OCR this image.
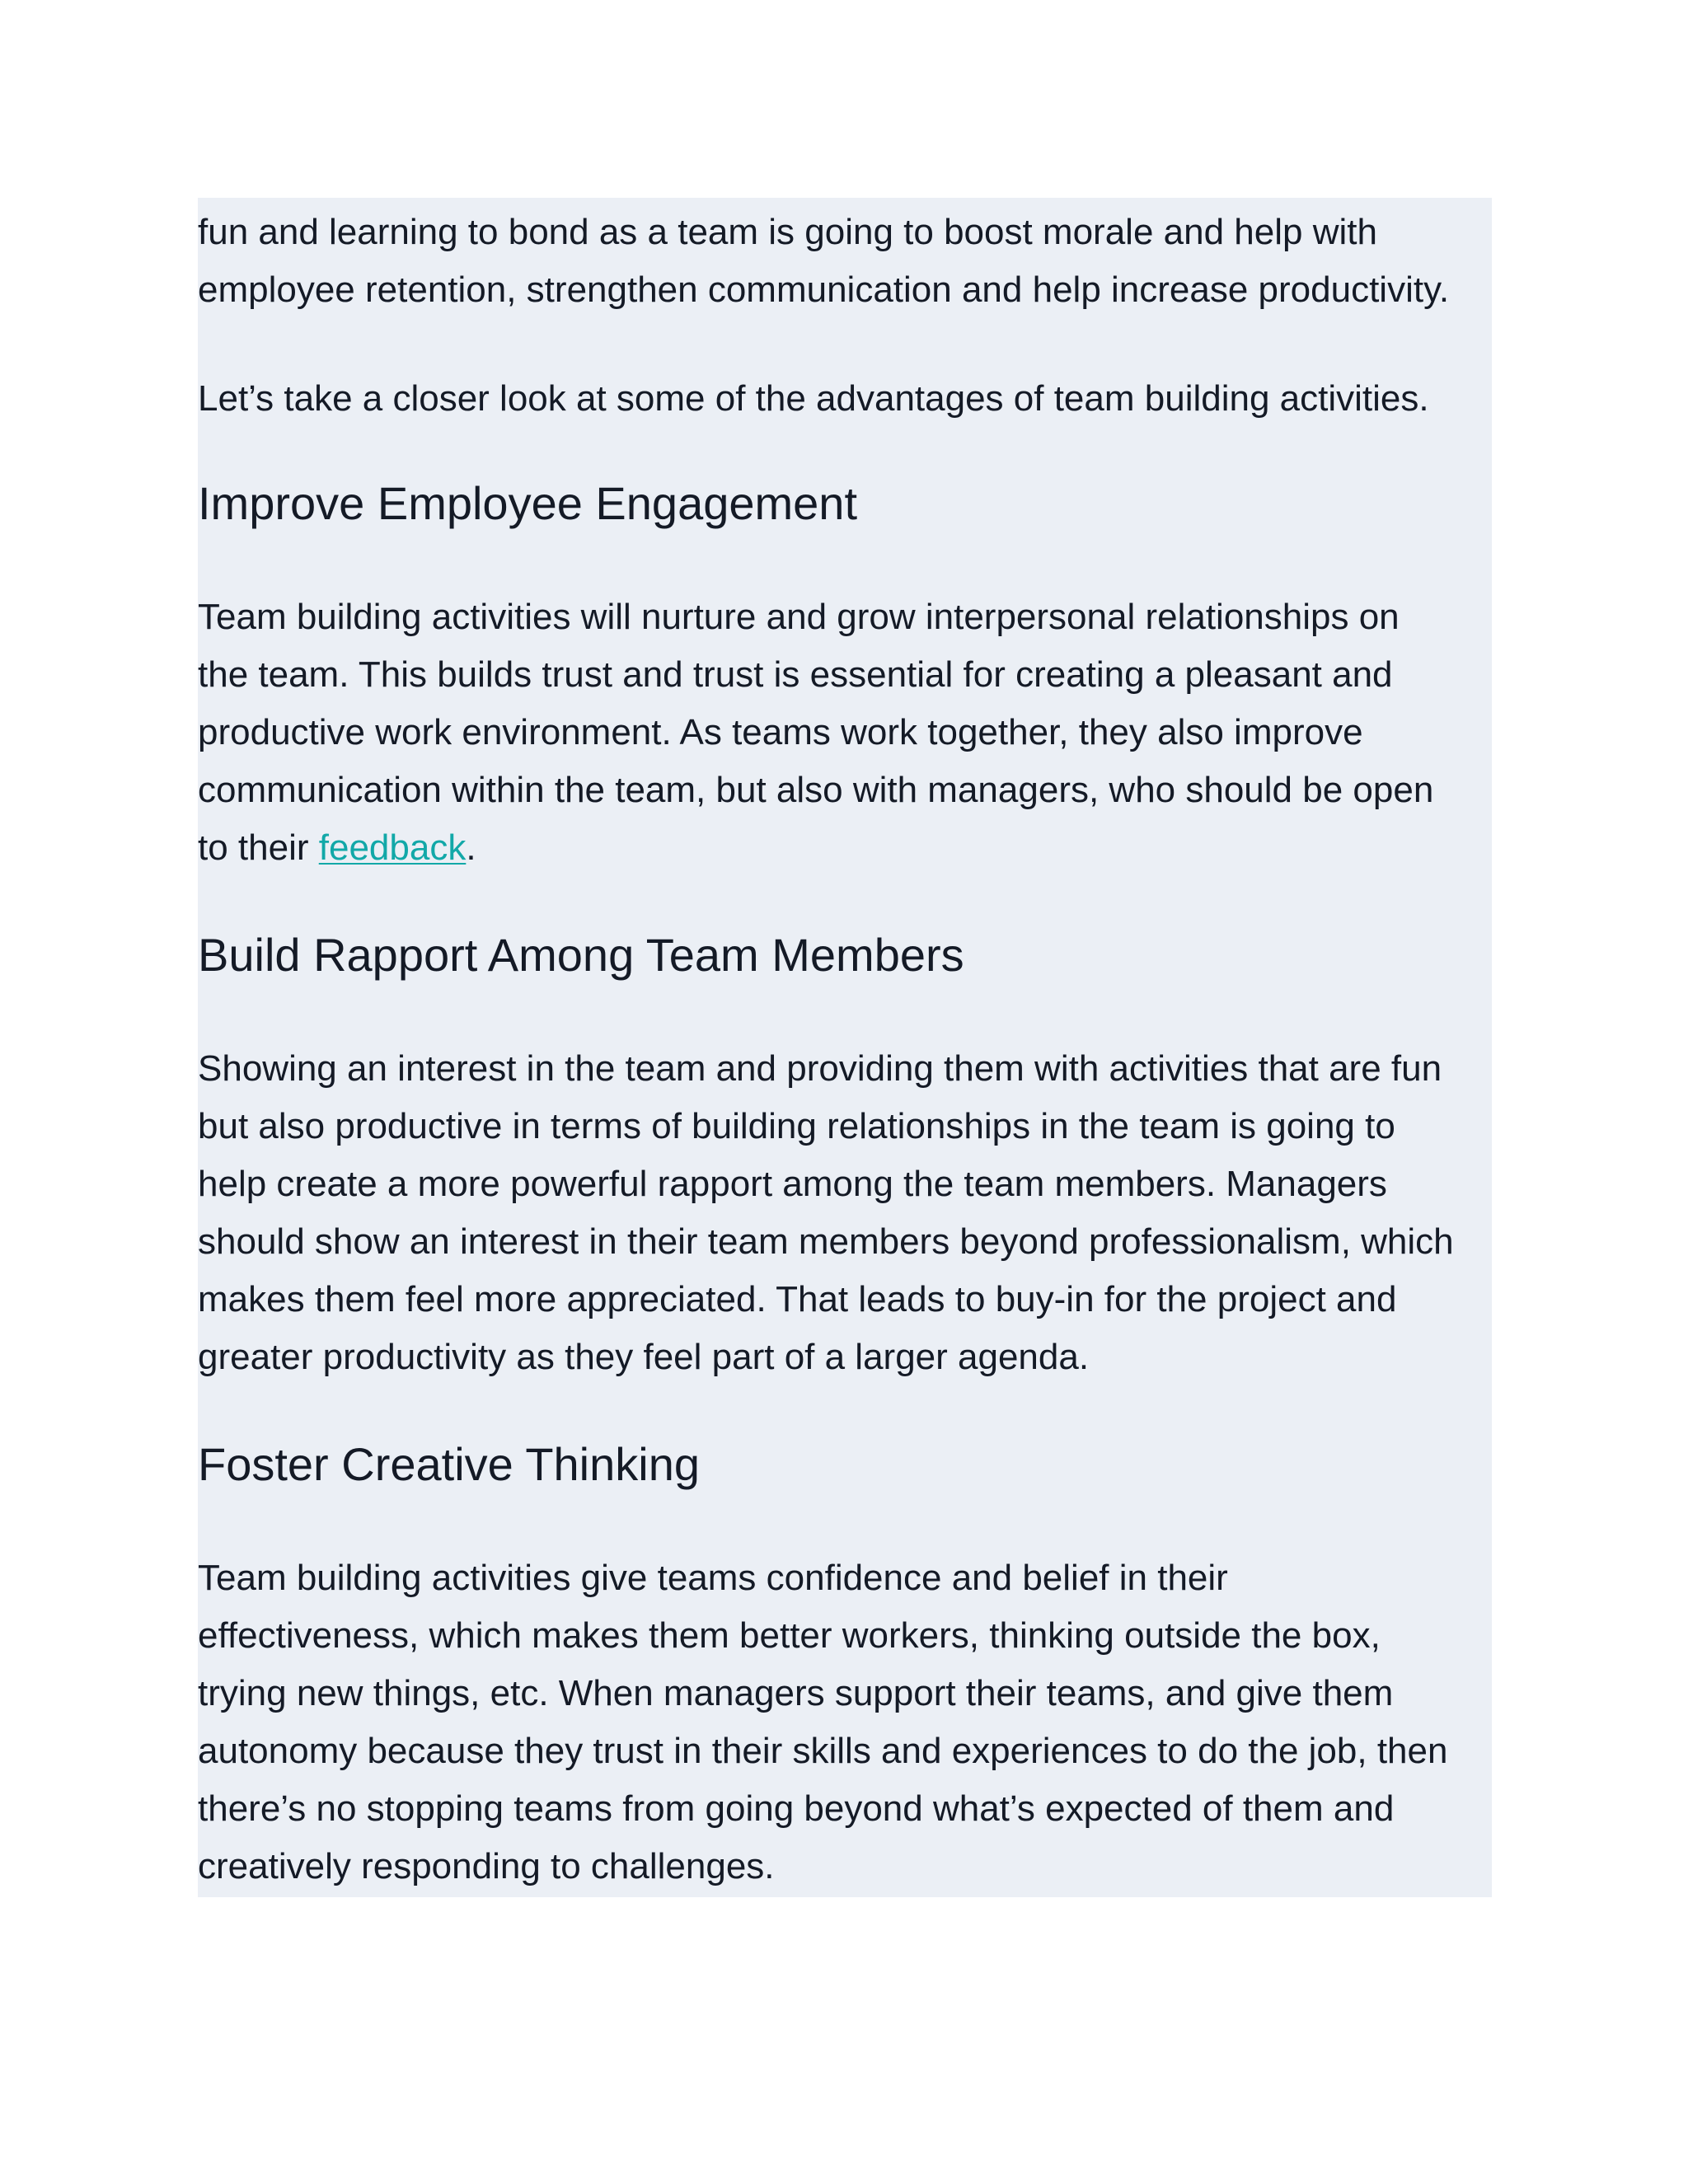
fun and learning to bond as a team is going to boost morale and help with
employee retention, strengthen communication and help increase productivity.
Let’s take a closer look at some of the advantages of team building activities.
Improve Employee Engagement
Team building activities will nurture and grow interpersonal relationships on
the team. This builds trust and trust is essential for creating a pleasant and
productive work environment. As teams work together, they also improve
communication within the team, but also with managers, who should be open
to their feedback.
Build Rapport Among Team Members
Showing an interest in the team and providing them with activities that are fun
but also productive in terms of building relationships in the team is going to
help create a more powerful rapport among the team members. Managers
should show an interest in their team members beyond professionalism, which
makes them feel more appreciated. That leads to buy-in for the project and
greater productivity as they feel part of a larger agenda.
Foster Creative Thinking
Team building activities give teams confidence and belief in their
effectiveness, which makes them better workers, thinking outside the box,
trying new things, etc. When managers support their teams, and give them
autonomy because they trust in their skills and experiences to do the job, then
there’s no stopping teams from going beyond what’s expected of them and
creatively responding to challenges.
